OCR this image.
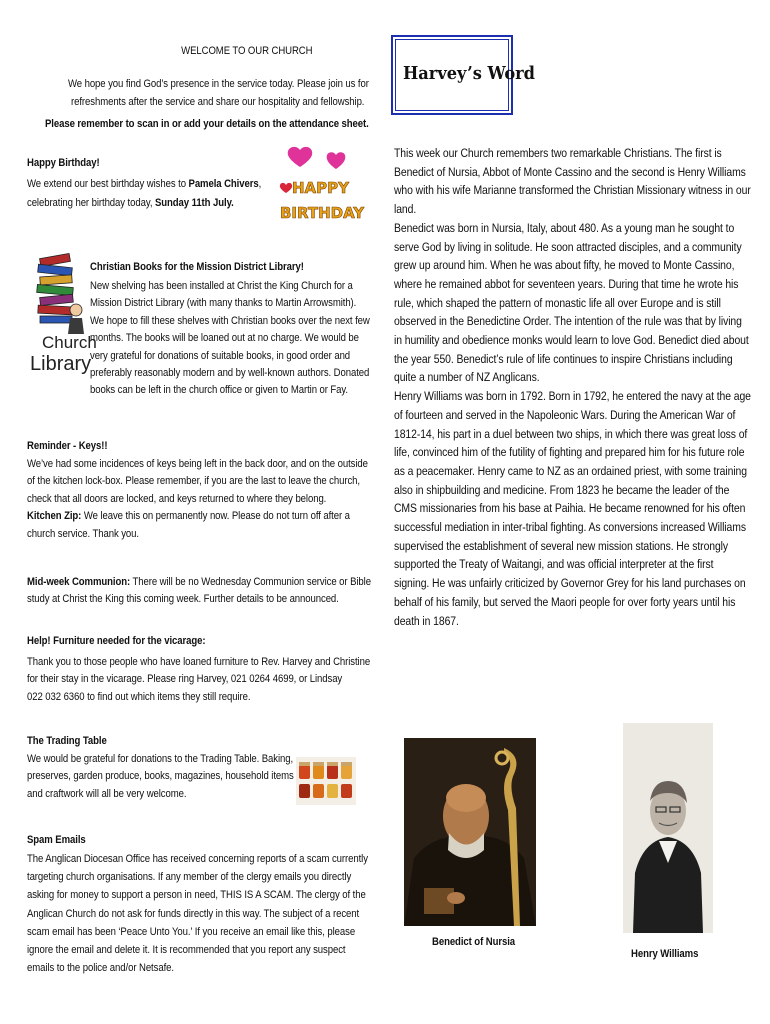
WELCOME TO OUR CHURCH
We hope you find God’s presence in the service today. Please join us for
refreshments after the service and share our hospitality and fellowship.
Please remember to scan in or add your details on the attendance sheet.
Happy Birthday!
We extend our best birthday wishes to Pamela Chivers,
celebrating her birthday today, Sunday 11th July.
HAPPY
BIRTHDAY
Church
Library
Christian Books for the Mission District Library!
New shelving has been installed at Christ the King Church for a
Mission District Library (with many thanks to Martin Arrowsmith).
We hope to fill these shelves with Christian books over the next few
months. The books will be loaned out at no charge. We would be
very grateful for donations of suitable books, in good order and
preferably reasonably modern and by well-known authors. Donated
books can be left in the church office or given to Martin or Fay.
Reminder - Keys!!
We’ve had some incidences of keys being left in the back door, and on the outside
of the kitchen lock-box. Please remember, if you are the last to leave the church,
check that all doors are locked, and keys returned to where they belong.
Kitchen Zip: We leave this on permanently now. Please do not turn off after a
church service. Thank you.
Mid-week Communion: There will be no Wednesday Communion service or Bible
study at Christ the King this coming week. Further details to be announced.
Help! Furniture needed for the vicarage:
Thank you to those people who have loaned furniture to Rev. Harvey and Christine
for their stay in the vicarage. Please ring Harvey, 021 0264 4699, or Lindsay
022 032 6360 to find out which items they still require.
The Trading Table
We would be grateful for donations to the Trading Table. Baking,
preserves, garden produce, books, magazines, household items
and craftwork will all be very welcome.
Spam Emails
The Anglican Diocesan Office has received concerning reports of a scam currently
targeting church organisations. If any member of the clergy emails you directly
asking for money to support a person in need, THIS IS A SCAM. The clergy of the
Anglican Church do not ask for funds directly in this way. The subject of a recent
scam email has been ‘Peace Unto You.’ If you receive an email like this, please
ignore the email and delete it. It is recommended that you report any suspect
emails to the police and/or Netsafe.
Harvey’s Word
This week our Church remembers two remarkable Christians. The first is
Benedict of Nursia, Abbot of Monte Cassino and the second is Henry Williams
who with his wife Marianne transformed the Christian Missionary witness in our
land.
Benedict was born in Nursia, Italy, about 480. As a young man he sought to
serve God by living in solitude. He soon attracted disciples, and a community
grew up around him. When he was about fifty, he moved to Monte Cassino,
where he remained abbot for seventeen years. During that time he wrote his
rule, which shaped the pattern of monastic life all over Europe and is still
observed in the Benedictine Order. The intention of the rule was that by living
in humility and obedience monks would learn to love God. Benedict died about
the year 550. Benedict’s rule of life continues to inspire Christians including
quite a number of NZ Anglicans.
Henry Williams was born in 1792. Born in 1792, he entered the navy at the age
of fourteen and served in the Napoleonic Wars. During the American War of
1812-14, his part in a duel between two ships, in which there was great loss of
life, convinced him of the futility of fighting and prepared him for his future role
as a peacemaker. Henry came to NZ as an ordained priest, with some training
also in shipbuilding and medicine. From 1823 he became the leader of the
CMS missionaries from his base at Paihia. He became renowned for his often
successful mediation in inter-tribal fighting. As conversions increased Williams
supervised the establishment of several new mission stations. He strongly
supported the Treaty of Waitangi, and was official interpreter at the first
signing. He was unfairly criticized by Governor Grey for his land purchases on
behalf of his family, but served the Maori people for over forty years until his
death in 1867.
Benedict of Nursia
Henry Williams
